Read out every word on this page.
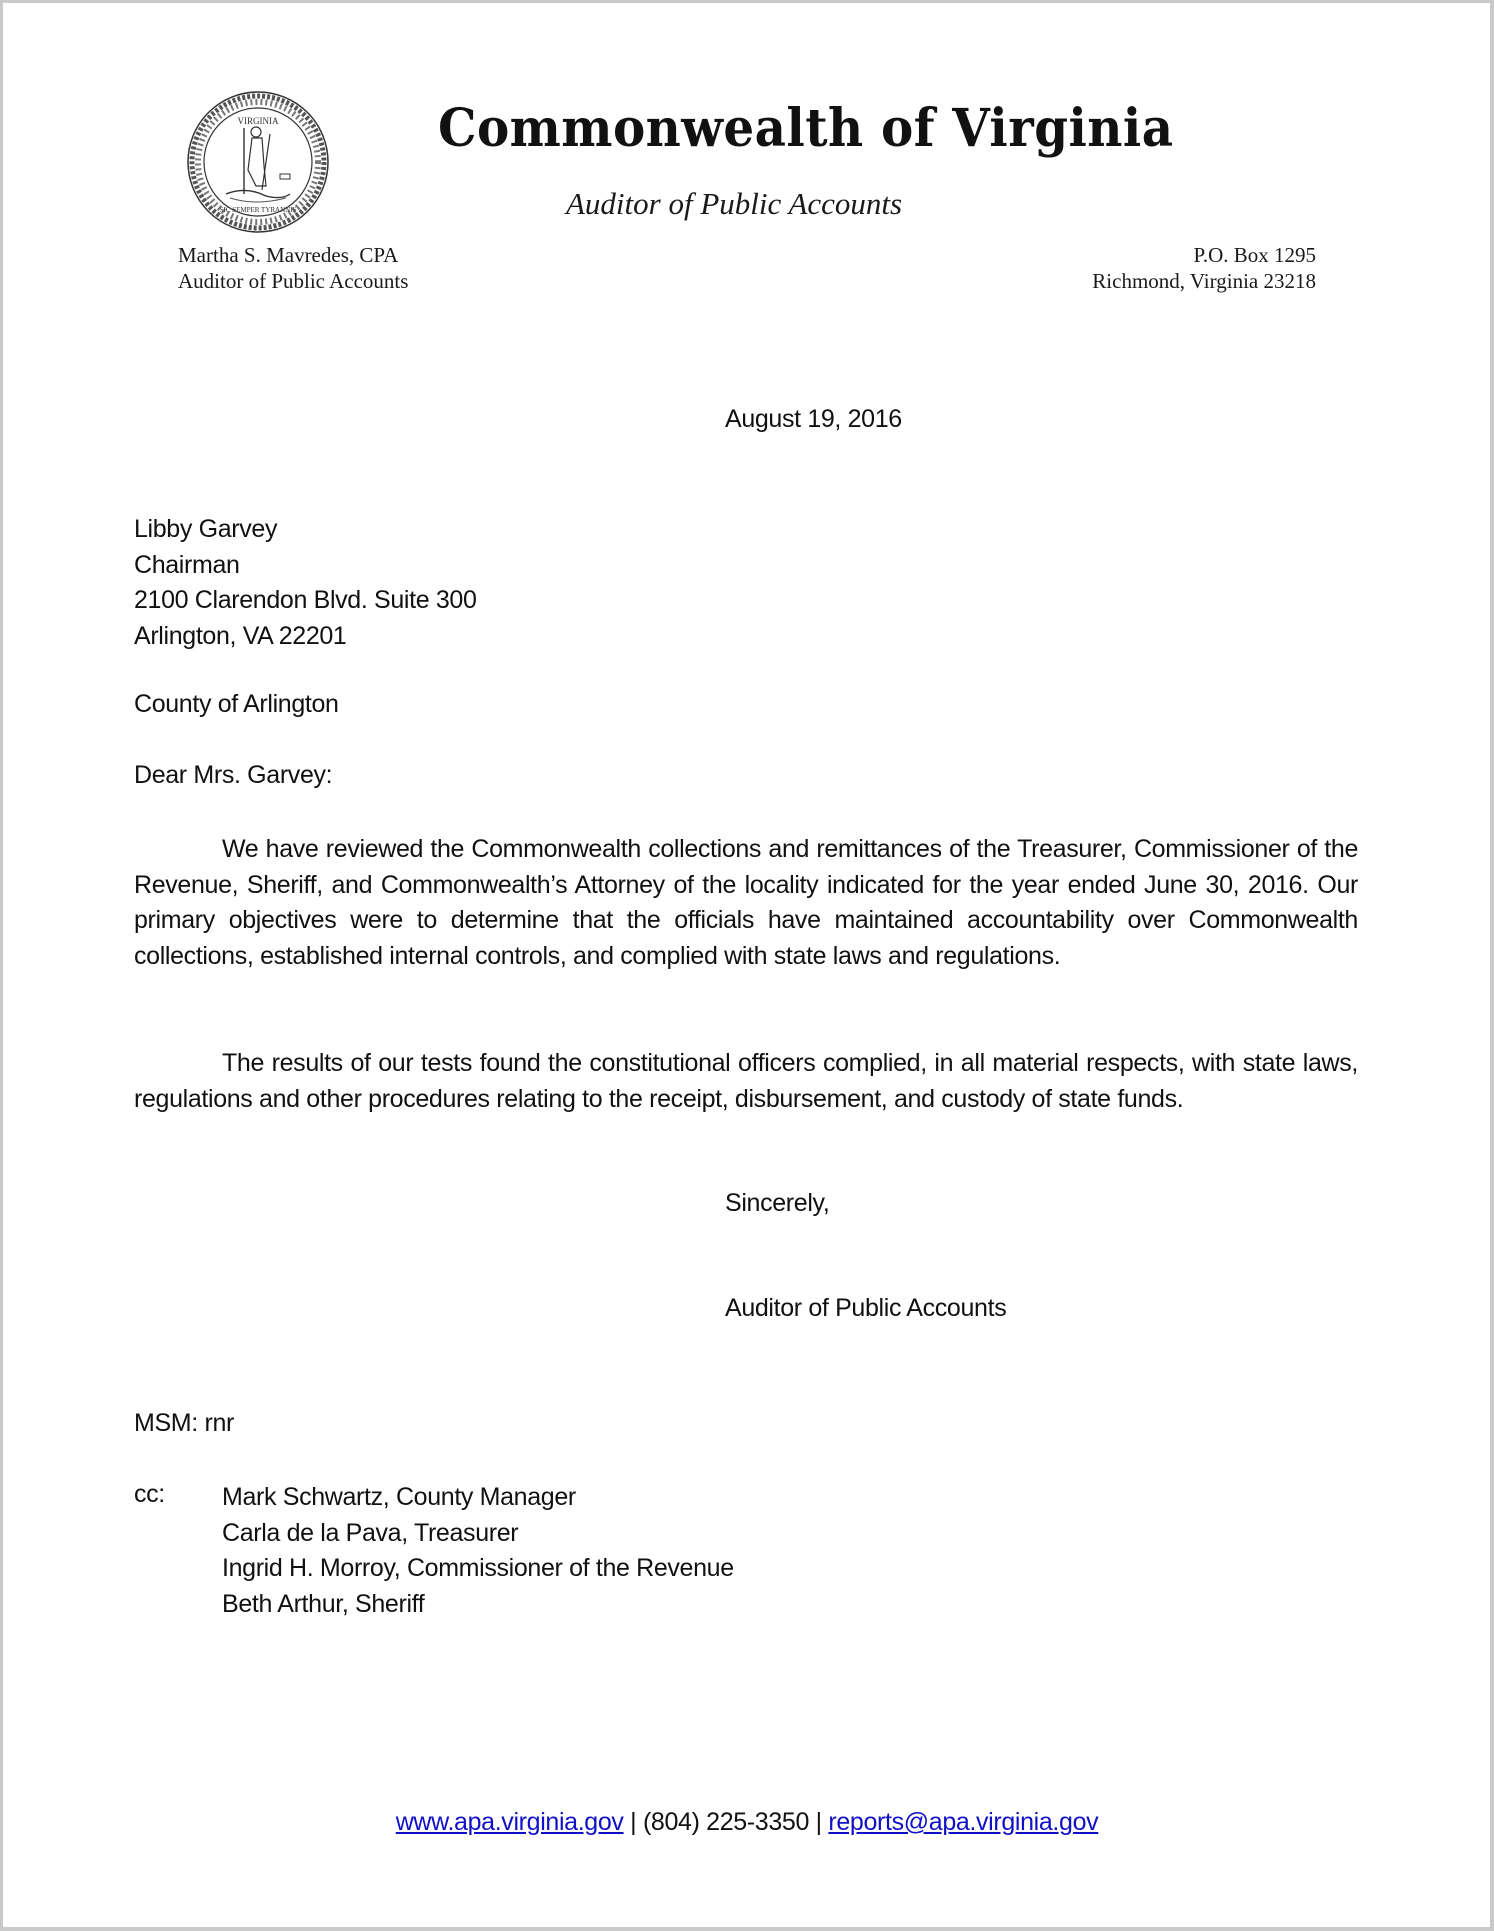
VIRGINIA
SIC SEMPER TYRANNIS
Commonwealth of Virginia
Auditor of Public Accounts
Martha S. Mavredes, CPA
Auditor of Public Accounts
P.O. Box 1295
Richmond, Virginia 23218
August 19, 2016
Libby Garvey
Chairman
2100 Clarendon Blvd. Suite 300
Arlington, VA 22201
County of Arlington
Dear Mrs. Garvey:
We have reviewed the Commonwealth collections and remittances of the Treasurer, Commissioner of the Revenue, Sheriff, and Commonwealth’s Attorney of the locality indicated for the year ended June 30, 2016. Our primary objectives were to determine that the officials have maintained accountability over Commonwealth collections, established internal controls, and complied with state laws and regulations.
The results of our tests found the constitutional officers complied, in all material respects, with state laws, regulations and other procedures relating to the receipt, disbursement, and custody of state funds.
Sincerely,
Auditor of Public Accounts
MSM: rnr
cc: Mark Schwartz, County Manager
Carla de la Pava, Treasurer
Ingrid H. Morroy, Commissioner of the Revenue
Beth Arthur, Sheriff
www.apa.virginia.gov | (804) 225-3350 | reports@apa.virginia.gov
